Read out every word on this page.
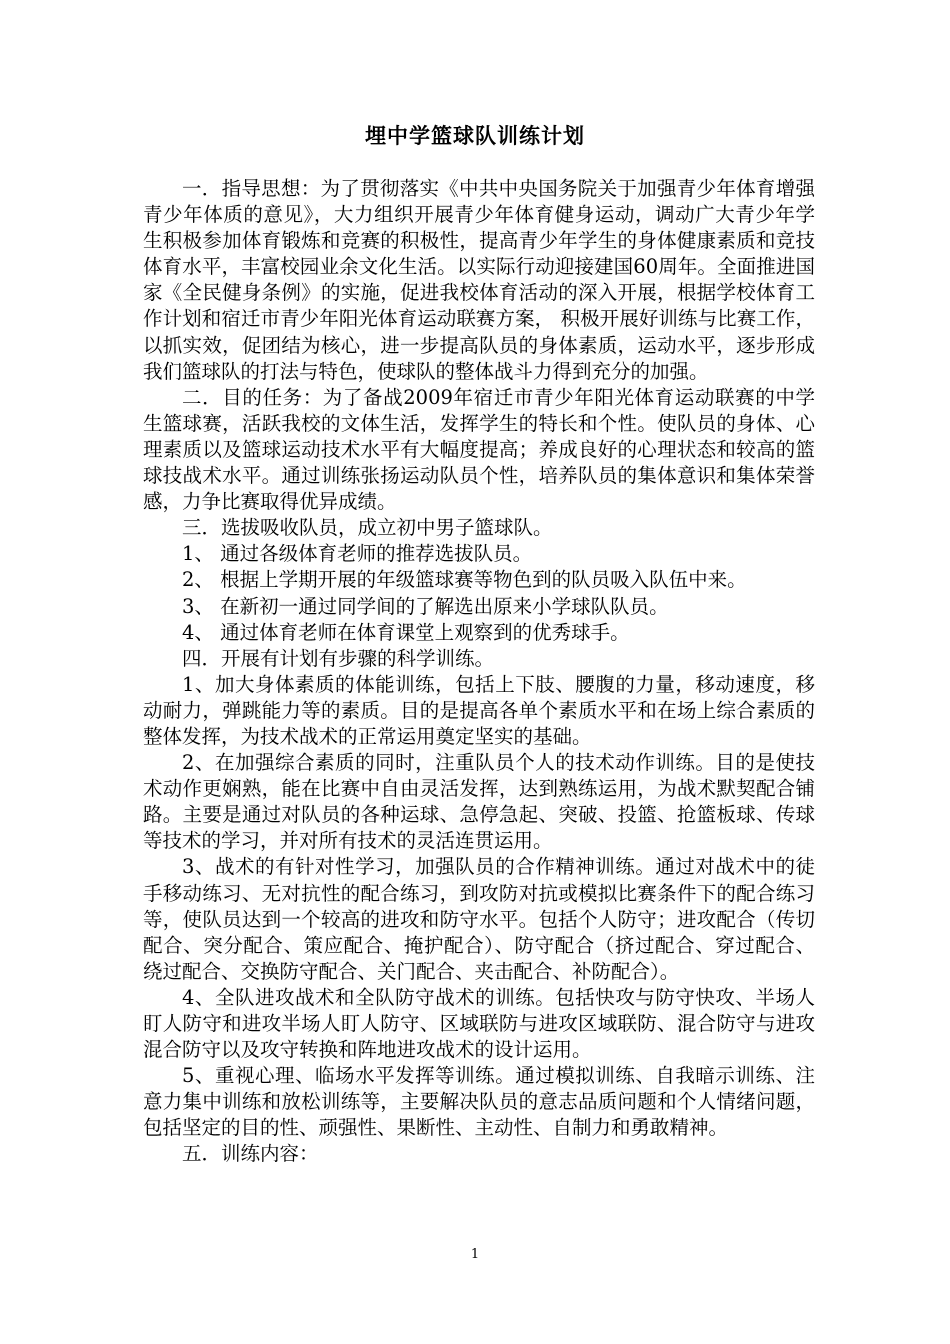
埋中学篮球队训练计划

一．指导思想：为了贯彻落实《中共中央国务院关于加强青少年体育增强青少年体质的意见》，大力组织开展青少年体育健身运动，调动广大青少年学生积极参加体育锻炼和竞赛的积极性，提高青少年学生的身体健康素质和竞技体育水平，丰富校园业余文化生活。以实际行动迎接建国60周年。全面推进国家《全民健身条例》的实施，促进我校体育活动的深入开展，根据学校体育工作计划和宿迁市青少年阳光体育运动联赛方案， 积极开展好训练与比赛工作，以抓实效，促团结为核心，进一步提高队员的身体素质，运动水平，逐步形成我们篮球队的打法与特色，使球队的整体战斗力得到充分的加强。

二．目的任务：为了备战2009年宿迁市青少年阳光体育运动联赛的中学生篮球赛，活跃我校的文体生活，发挥学生的特长和个性。使队员的身体、心理素质以及篮球运动技术水平有大幅度提高；养成良好的心理状态和较高的篮球技战术水平。通过训练张扬运动队员个性，培养队员的集体意识和集体荣誉感，力争比赛取得优异成绩。

三．选拔吸收队员，成立初中男子篮球队。

1、 通过各级体育老师的推荐选拔队员。

2、 根据上学期开展的年级篮球赛等物色到的队员吸入队伍中来。

3、 在新初一通过同学间的了解选出原来小学球队队员。

4、 通过体育老师在体育课堂上观察到的优秀球手。

四．开展有计划有步骤的科学训练。

1、加大身体素质的体能训练，包括上下肢、腰腹的力量，移动速度，移动耐力，弹跳能力等的素质。目的是提高各单个素质水平和在场上综合素质的整体发挥，为技术战术的正常运用奠定坚实的基础。

2、在加强综合素质的同时，注重队员个人的技术动作训练。目的是使技术动作更娴熟，能在比赛中自由灵活发挥，达到熟练运用，为战术默契配合铺路。主要是通过对队员的各种运球、急停急起、突破、投篮、抢篮板球、传球等技术的学习，并对所有技术的灵活连贯运用。

3、战术的有针对性学习，加强队员的合作精神训练。通过对战术中的徒手移动练习、无对抗性的配合练习，到攻防对抗或模拟比赛条件下的配合练习等，使队员达到一个较高的进攻和防守水平。包括个人防守；进攻配合（传切配合、突分配合、策应配合、掩护配合）、防守配合（挤过配合、穿过配合、绕过配合、交换防守配合、关门配合、夹击配合、补防配合）。

4、全队进攻战术和全队防守战术的训练。包括快攻与防守快攻、半场人盯人防守和进攻半场人盯人防守、区域联防与进攻区域联防、混合防守与进攻混合防守以及攻守转换和阵地进攻战术的设计运用。

5、重视心理、临场水平发挥等训练。通过模拟训练、自我暗示训练、注意力集中训练和放松训练等，主要解决队员的意志品质问题和个人情绪问题，包括坚定的目的性、顽强性、果断性、主动性、自制力和勇敢精神。

五．训练内容：

1
